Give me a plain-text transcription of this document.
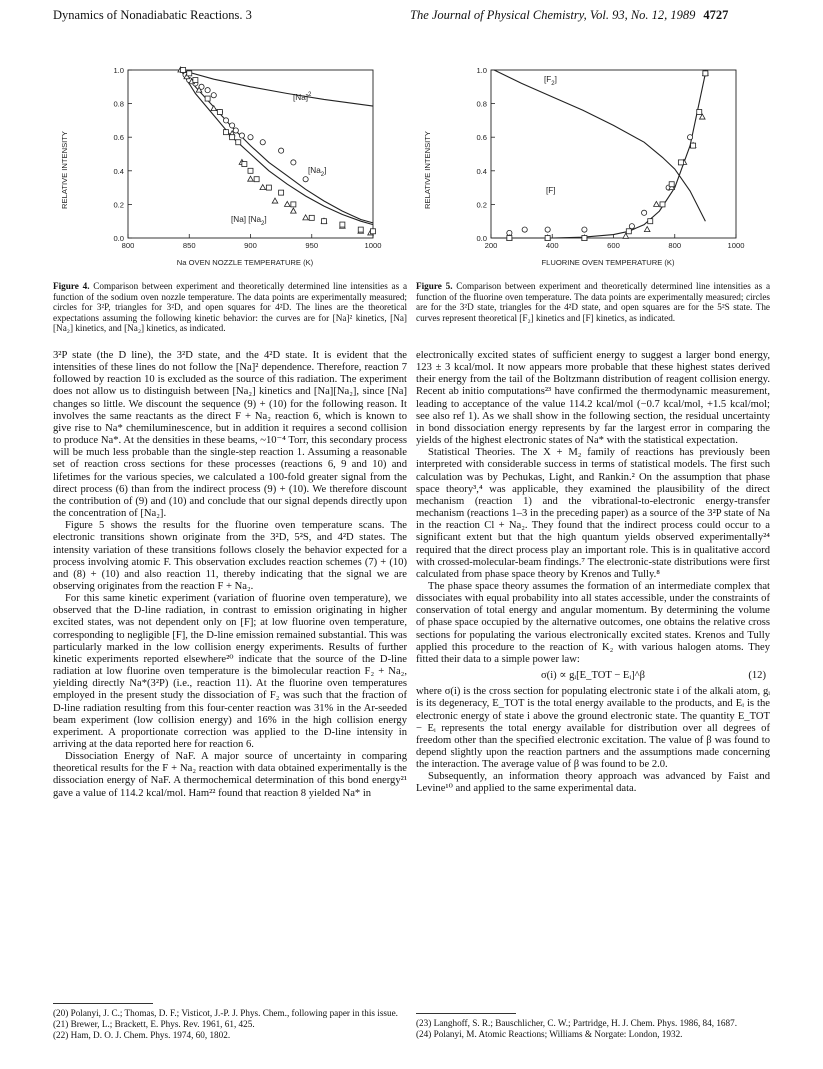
Dynamics of Nonadiabatic Reactions. 3	The Journal of Physical Chemistry, Vol. 93, No. 12, 1989 4727
800	850	900	950	1000
0.0
0.2
0.4
0.6
0.8
1.0
$[Na]^2$
$[Na_2]$
[Na] $[Na_2]$
Na OVEN NOZZLE TEMPERATURE (K)
RELATIVE INTENSITY
200	400	600	800	1000
0.0
0.2
0.4
0.6
0.8
1.0
$[F_2]$
[F]
FLUORINE OVEN TEMPERATURE (K)
RELATIVE INTENSITY
Figure 4. Comparison between experiment and theoretically determined line intensities as a function of the sodium oven nozzle temperature. The data points are experimentally measured; circles for 3²P, triangles for 3²D, and open squares for 4²D. The lines are the theoretical expectations assuming the following kinetic behavior: the curves are for [Na]² kinetics, [Na][Na₂] kinetics, and [Na₂] kinetics, as indicated.
Figure 5. Comparison between experiment and theoretically determined line intensities as a function of the fluorine oven temperature. The data points are experimentally measured; circles are for the 3²D state, triangles for the 4²D state, and open squares are for the 5²S state. The curves represent theoretical [F₂] kinetics and [F] kinetics, as indicated.

3²P state (the D line), the 3²D state, and the 4²D state. It is evident that the intensities of these lines do not follow the [Na]² dependence. Therefore, reaction 7 followed by reaction 10 is excluded as the source of this radiation. The experiment does not allow us to distinguish between [Na₂] kinetics and [Na][Na₂], since [Na] changes so little. We discount the sequence (9) + (10) for the following reason. It involves the same reactants as the direct F + Na₂ reaction 6, which is known to give rise to Na* chemiluminescence, but in addition it requires a second collision to produce Na*. At the densities in these beams, ~10⁻⁴ Torr, this secondary process will be much less probable than the single-step reaction 1. Assuming a reasonable set of reaction cross sections for these processes (reactions 6, 9 and 10) and lifetimes for the various species, we calculated a 100-fold greater signal from the direct process (6) than from the indirect process (9) + (10). We therefore discount the contribution of (9) and (10) and conclude that our signal depends directly upon the concentration of [Na₂].

Figure 5 shows the results for the fluorine oven temperature scans. The electronic transitions shown originate from the 3²D, 5²S, and 4²D states. The intensity variation of these transitions follows closely the behavior expected for a process involving atomic F. This observation excludes reaction schemes (7) + (10) and (8) + (10) and also reaction 11, thereby indicating that the signal we are observing originates from the reaction F + Na₂.

For this same kinetic experiment (variation of fluorine oven temperature), we observed that the D-line radiation, in contrast to emission originating in higher excited states, was not dependent only on [F]; at low fluorine oven temperature, corresponding to negligible [F], the D-line emission remained substantial. This was particularly marked in the low collision energy experiments. Results of further kinetic experiments reported elsewhere²⁰ indicate that the source of the D-line radiation at low fluorine oven temperature is the bimolecular reaction F₂ + Na₂, yielding directly Na*(3²P) (i.e., reaction 11). At the fluorine oven temperatures employed in the present study the dissociation of F₂ was such that the fraction of D-line radiation resulting from this four-center reaction was 31% in the Ar-seeded beam experiment (low collision energy) and 16% in the high collision energy experiment. A proportionate correction was applied to the D-line intensity in arriving at the data reported here for reaction 6.

Dissociation Energy of NaF. A major source of uncertainty in comparing theoretical results for the F + Na₂ reaction with data obtained experimentally is the dissociation energy of NaF. A thermochemical determination of this bond energy²¹ gave a value of 114.2 kcal/mol. Ham²² found that reaction 8 yielded Na* in

electronically excited states of sufficient energy to suggest a larger bond energy, 123 ± 3 kcal/mol. It now appears more probable that these highest states derived their energy from the tail of the Boltzmann distribution of reagent collision energy. Recent ab initio computations²³ have confirmed the thermodynamic measurement, leading to acceptance of the value 114.2 kcal/mol (−0.7 kcal/mol, +1.5 kcal/mol; see also ref 1). As we shall show in the following section, the residual uncertainty in bond dissociation energy represents by far the largest error in comparing the yields of the highest electronic states of Na* with the statistical expectation.

Statistical Theories. The X + M₂ family of reactions has previously been interpreted with considerable success in terms of statistical models. The first such calculation was by Pechukas, Light, and Rankin.² On the assumption that phase space theory³,⁴ was applicable, they examined the plausibility of the direct mechanism (reaction 1) and the vibrational-to-electronic energy-transfer mechanism (reactions 1–3 in the preceding paper) as a source of the 3²P state of Na in the reaction Cl + Na₂. They found that the indirect process could occur to a significant extent but that the high quantum yields observed experimentally²⁴ required that the direct process play an important role. This is in qualitative accord with crossed-molecular-beam findings.⁷ The electronic-state distributions were first calculated from phase space theory by Krenos and Tully.⁸

The phase space theory assumes the formation of an intermediate complex that dissociates with equal probability into all states accessible, under the constraints of conservation of total energy and angular momentum. By determining the volume of phase space occupied by the alternative outcomes, one obtains the relative cross sections for populating the various electronically excited states. Krenos and Tully applied this procedure to the reaction of K₂ with various halogen atoms. They fitted their data to a simple power law:

σ(i) ∝ gᵢ[E_TOT − Eᵢ]^β	(12)

where σ(i) is the cross section for populating electronic state i of the alkali atom, gᵢ is its degeneracy, E_TOT is the total energy available to the products, and Eᵢ is the electronic energy of state i above the ground electronic state. The quantity E_TOT − Eᵢ represents the total energy available for distribution over all degrees of freedom other than the specified electronic excitation. The value of β was found to depend slightly upon the reaction partners and the assumptions made concerning the interaction. The average value of β was found to be 2.0.

Subsequently, an information theory approach was advanced by Faist and Levine¹⁰ and applied to the same experimental data.

(20) Polanyi, J. C.; Thomas, D. F.; Visticot, J.-P. J. Phys. Chem., following paper in this issue.
(21) Brewer, L.; Brackett, E. Phys. Rev. 1961, 61, 425.
(22) Ham, D. O. J. Chem. Phys. 1974, 60, 1802.
(23) Langhoff, S. R.; Bauschlicher, C. W.; Partridge, H. J. Chem. Phys. 1986, 84, 1687.
(24) Polanyi, M. Atomic Reactions; Williams & Norgate: London, 1932.
